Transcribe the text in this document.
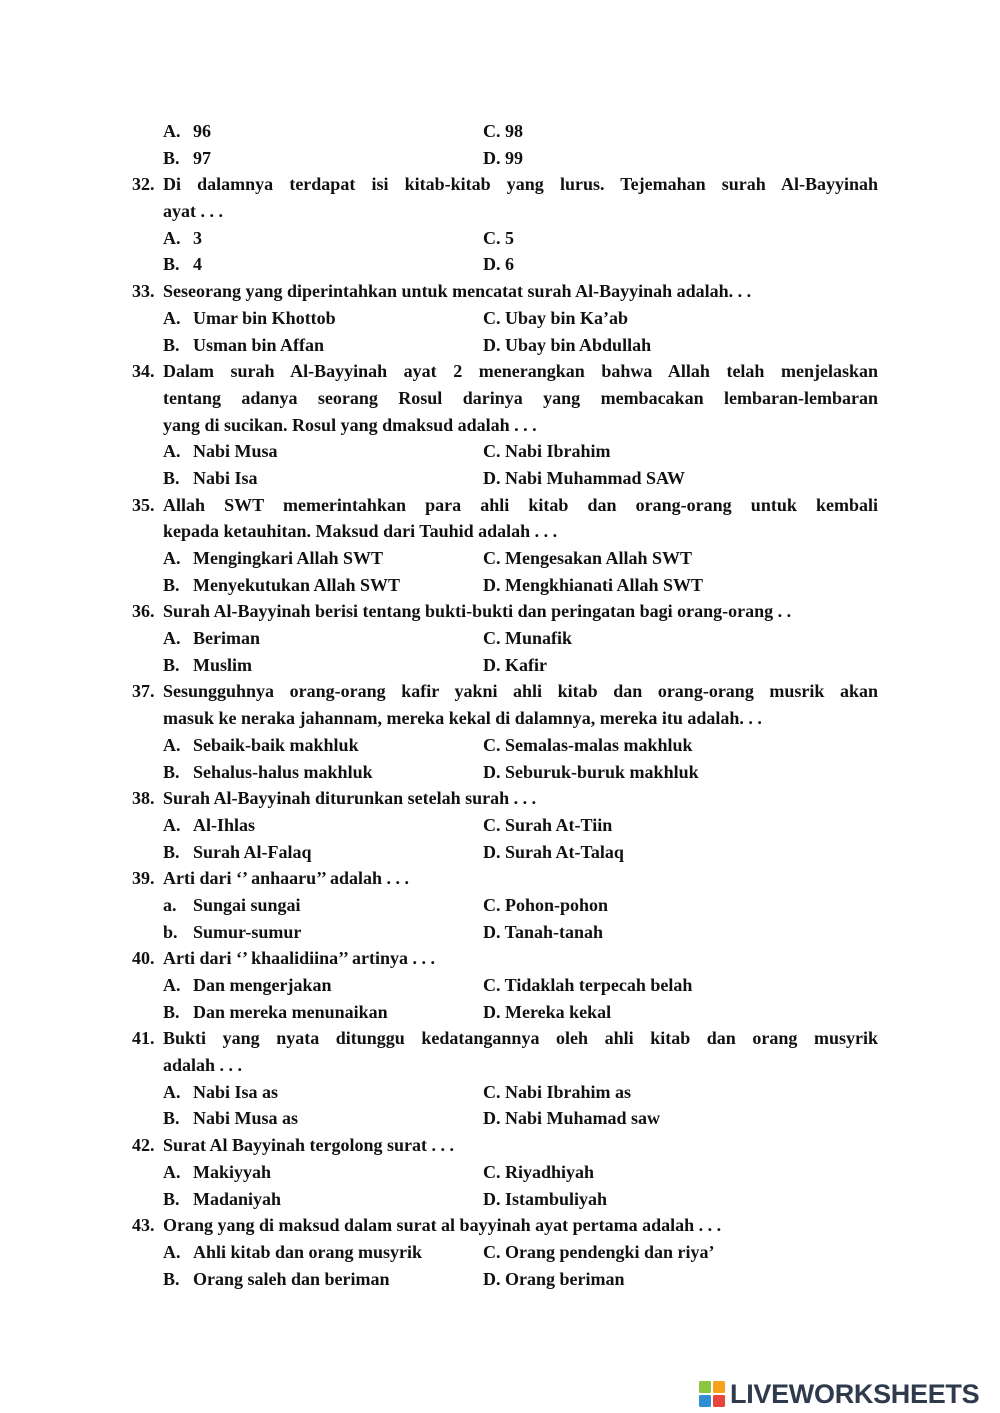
A. 96	C. 98
B. 97	D. 99
32. Di dalamnya terdapat isi kitab-kitab yang lurus. Tejemahan surah Al-Bayyinah
ayat . . .
A. 3	C. 5
B. 4	D. 6
33. Seseorang yang diperintahkan untuk mencatat surah Al-Bayyinah adalah. . .
A. Umar bin Khottob	C. Ubay bin Ka’ab
B. Usman bin Affan	D. Ubay bin Abdullah
34. Dalam surah Al-Bayyinah ayat 2 menerangkan bahwa Allah telah menjelaskan
tentang adanya seorang Rosul darinya yang membacakan lembaran-lembaran
yang di sucikan. Rosul yang dmaksud adalah . . .
A. Nabi Musa	C. Nabi Ibrahim
B. Nabi Isa	D. Nabi Muhammad SAW
35. Allah SWT memerintahkan para ahli kitab dan orang-orang untuk kembali
kepada ketauhitan. Maksud dari Tauhid adalah . . .
A. Mengingkari Allah SWT	C. Mengesakan Allah SWT
B. Menyekutukan Allah SWT	D. Mengkhianati Allah SWT
36. Surah Al-Bayyinah berisi tentang bukti-bukti dan peringatan bagi orang-orang . .
A. Beriman	C. Munafik
B. Muslim	D. Kafir
37. Sesungguhnya orang-orang kafir yakni ahli kitab dan orang-orang musrik akan
masuk ke neraka jahannam, mereka kekal di dalamnya, mereka itu adalah. . .
A. Sebaik-baik makhluk	C. Semalas-malas makhluk
B. Sehalus-halus makhluk	D. Seburuk-buruk makhluk
38. Surah Al-Bayyinah diturunkan setelah surah . . .
A. Al-Ihlas	C. Surah At-Tiin
B. Surah Al-Falaq	D. Surah At-Talaq
39. Arti dari ‘’ anhaaru’’ adalah . . .
a. Sungai sungai	C. Pohon-pohon
b. Sumur-sumur	D. Tanah-tanah
40. Arti dari ‘’ khaalidiina’’ artinya . . .
A. Dan mengerjakan	C. Tidaklah terpecah belah
B. Dan mereka menunaikan	D. Mereka kekal
41. Bukti yang nyata ditunggu kedatangannya oleh ahli kitab dan orang musyrik
adalah . . .
A. Nabi Isa as	C. Nabi Ibrahim as
B. Nabi Musa as	D. Nabi Muhamad saw
42. Surat Al Bayyinah tergolong surat . . .
A. Makiyyah	C. Riyadhiyah
B. Madaniyah	D. Istambuliyah
43. Orang yang di maksud dalam surat al bayyinah ayat pertama adalah . . .
A. Ahli kitab dan orang musyrik	C. Orang pendengki dan riya’
B. Orang saleh dan beriman	D. Orang beriman
LIVEWORKSHEETS
